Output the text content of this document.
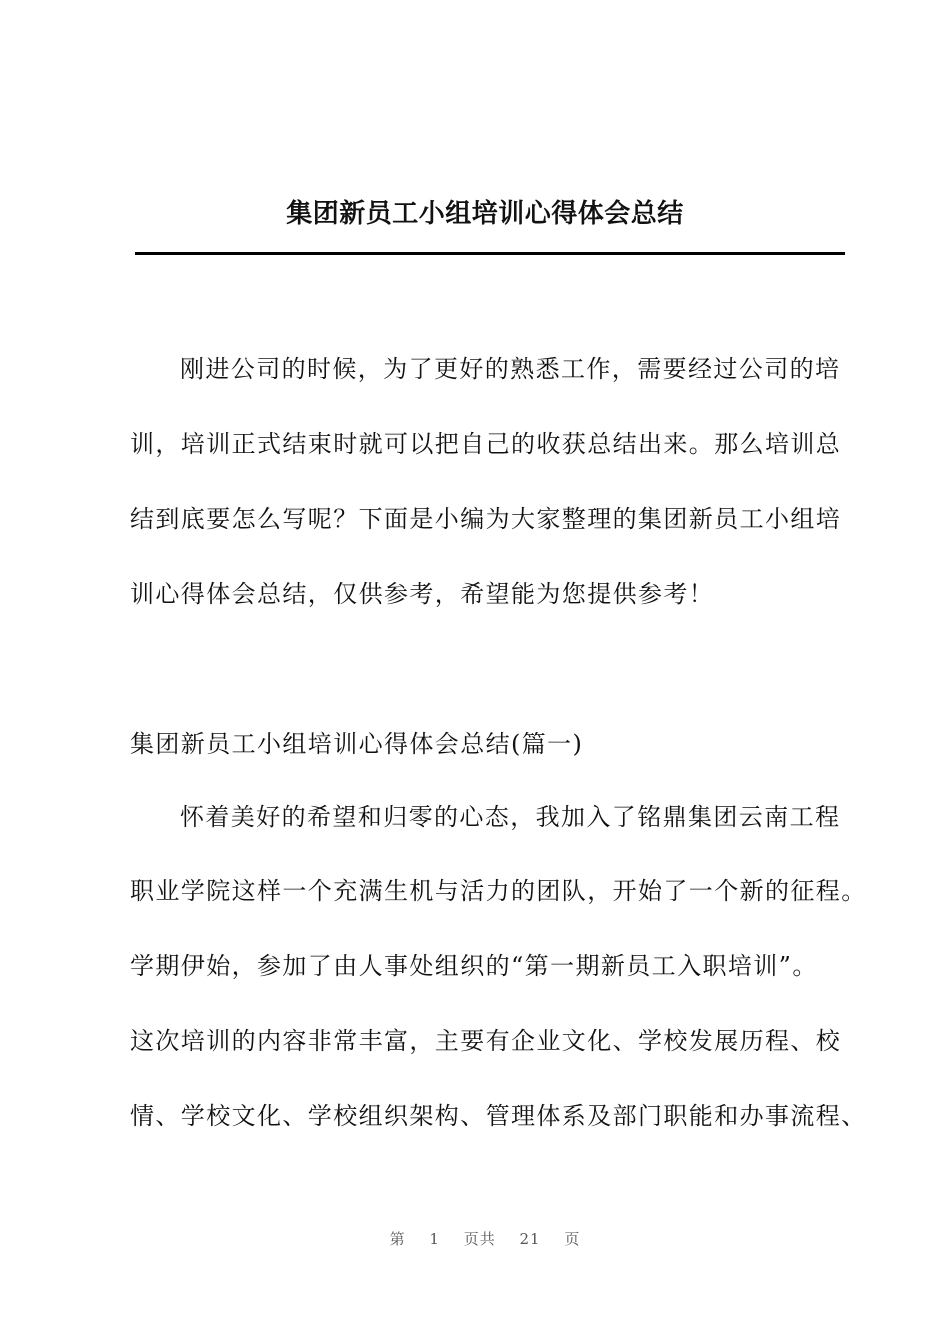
集团新员工小组培训心得体会总结

刚进公司的时候，为了更好的熟悉工作，需要经过公司的培

训，培训正式结束时就可以把自己的收获总结出来。那么培训总

结到底要怎么写呢？下面是小编为大家整理的集团新员工小组培

训心得体会总结，仅供参考，希望能为您提供参考！

集团新员工小组培训心得体会总结(篇一)

怀着美好的希望和归零的心态，我加入了铭鼎集团云南工程

职业学院这样一个充满生机与活力的团队，开始了一个新的征程。

学期伊始，参加了由人事处组织的“第一期新员工入职培训”。

这次培训的内容非常丰富，主要有企业文化、学校发展历程、校

情、学校文化、学校组织架构、管理体系及部门职能和办事流程、

第 1 页共 21 页
